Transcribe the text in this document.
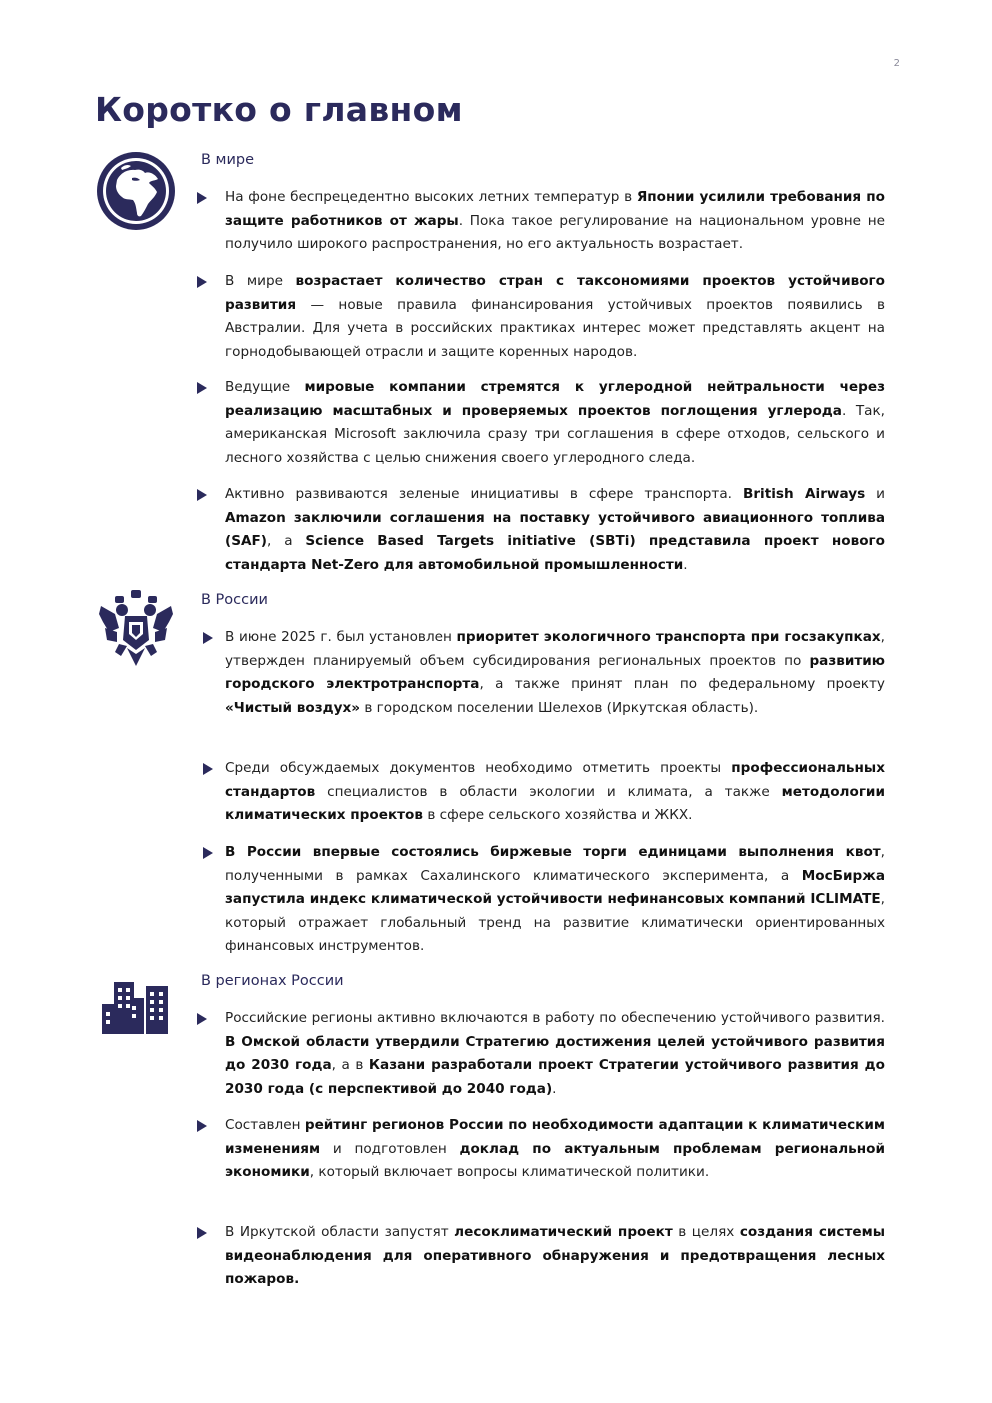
2
Коротко о главном
В мире

На фоне беспрецедентно высоких летних температур в Японии усилили требования по защите работников от жары. Пока такое регулирование на национальном уровне не получило широкого распространения, но его актуальность возрастает.

В мире возрастает количество стран с таксономиями проектов устойчивого развития — новые правила финансирования устойчивых проектов появились в Австралии. Для учета в российских практиках интерес может представлять акцент на горнодобывающей отрасли и защите коренных народов.

Ведущие мировые компании стремятся к углеродной нейтральности через реализацию масштабных и проверяемых проектов поглощения углерода. Так, американская Microsoft заключила сразу три соглашения в сфере отходов, сельского и лесного хозяйства с целью снижения своего углеродного следа.

Активно развиваются зеленые инициативы в сфере транспорта. British Airways и Amazon заключили соглашения на поставку устойчивого авиационного топлива (SAF), а Science Based Targets initiative (SBTi) представила проект нового стандарта Net-Zero для автомобильной промышленности.

В России

В июне 2025 г. был установлен приоритет экологичного транспорта при госзакупках, утвержден планируемый объем субсидирования региональных проектов по развитию городского электротранспорта, а также принят план по федеральному проекту «Чистый воздух» в городском поселении Шелехов (Иркутская область).

Среди обсуждаемых документов необходимо отметить проекты профессиональных стандартов специалистов в области экологии и климата, а также методологии климатических проектов в сфере сельского хозяйства и ЖКХ.

В России впервые состоялись биржевые торги единицами выполнения квот, полученными в рамках Сахалинского климатического эксперимента, а МосБиржа запустила индекс климатической устойчивости нефинансовых компаний ICLIMATE, который отражает глобальный тренд на развитие климатически ориентированных финансовых инструментов.

В регионах России

Российские регионы активно включаются в работу по обеспечению устойчивого развития. В Омской области утвердили Стратегию достижения целей устойчивого развития до 2030 года, а в Казани разработали проект Стратегии устойчивого развития до 2030 года (с перспективой до 2040 года).

Составлен рейтинг регионов России по необходимости адаптации к климатическим изменениям и подготовлен доклад по актуальным проблемам региональной экономики, который включает вопросы климатической политики.

В Иркутской области запустят лесоклиматический проект в целях создания системы видеонаблюдения для оперативного обнаружения и предотвращения лесных пожаров.
